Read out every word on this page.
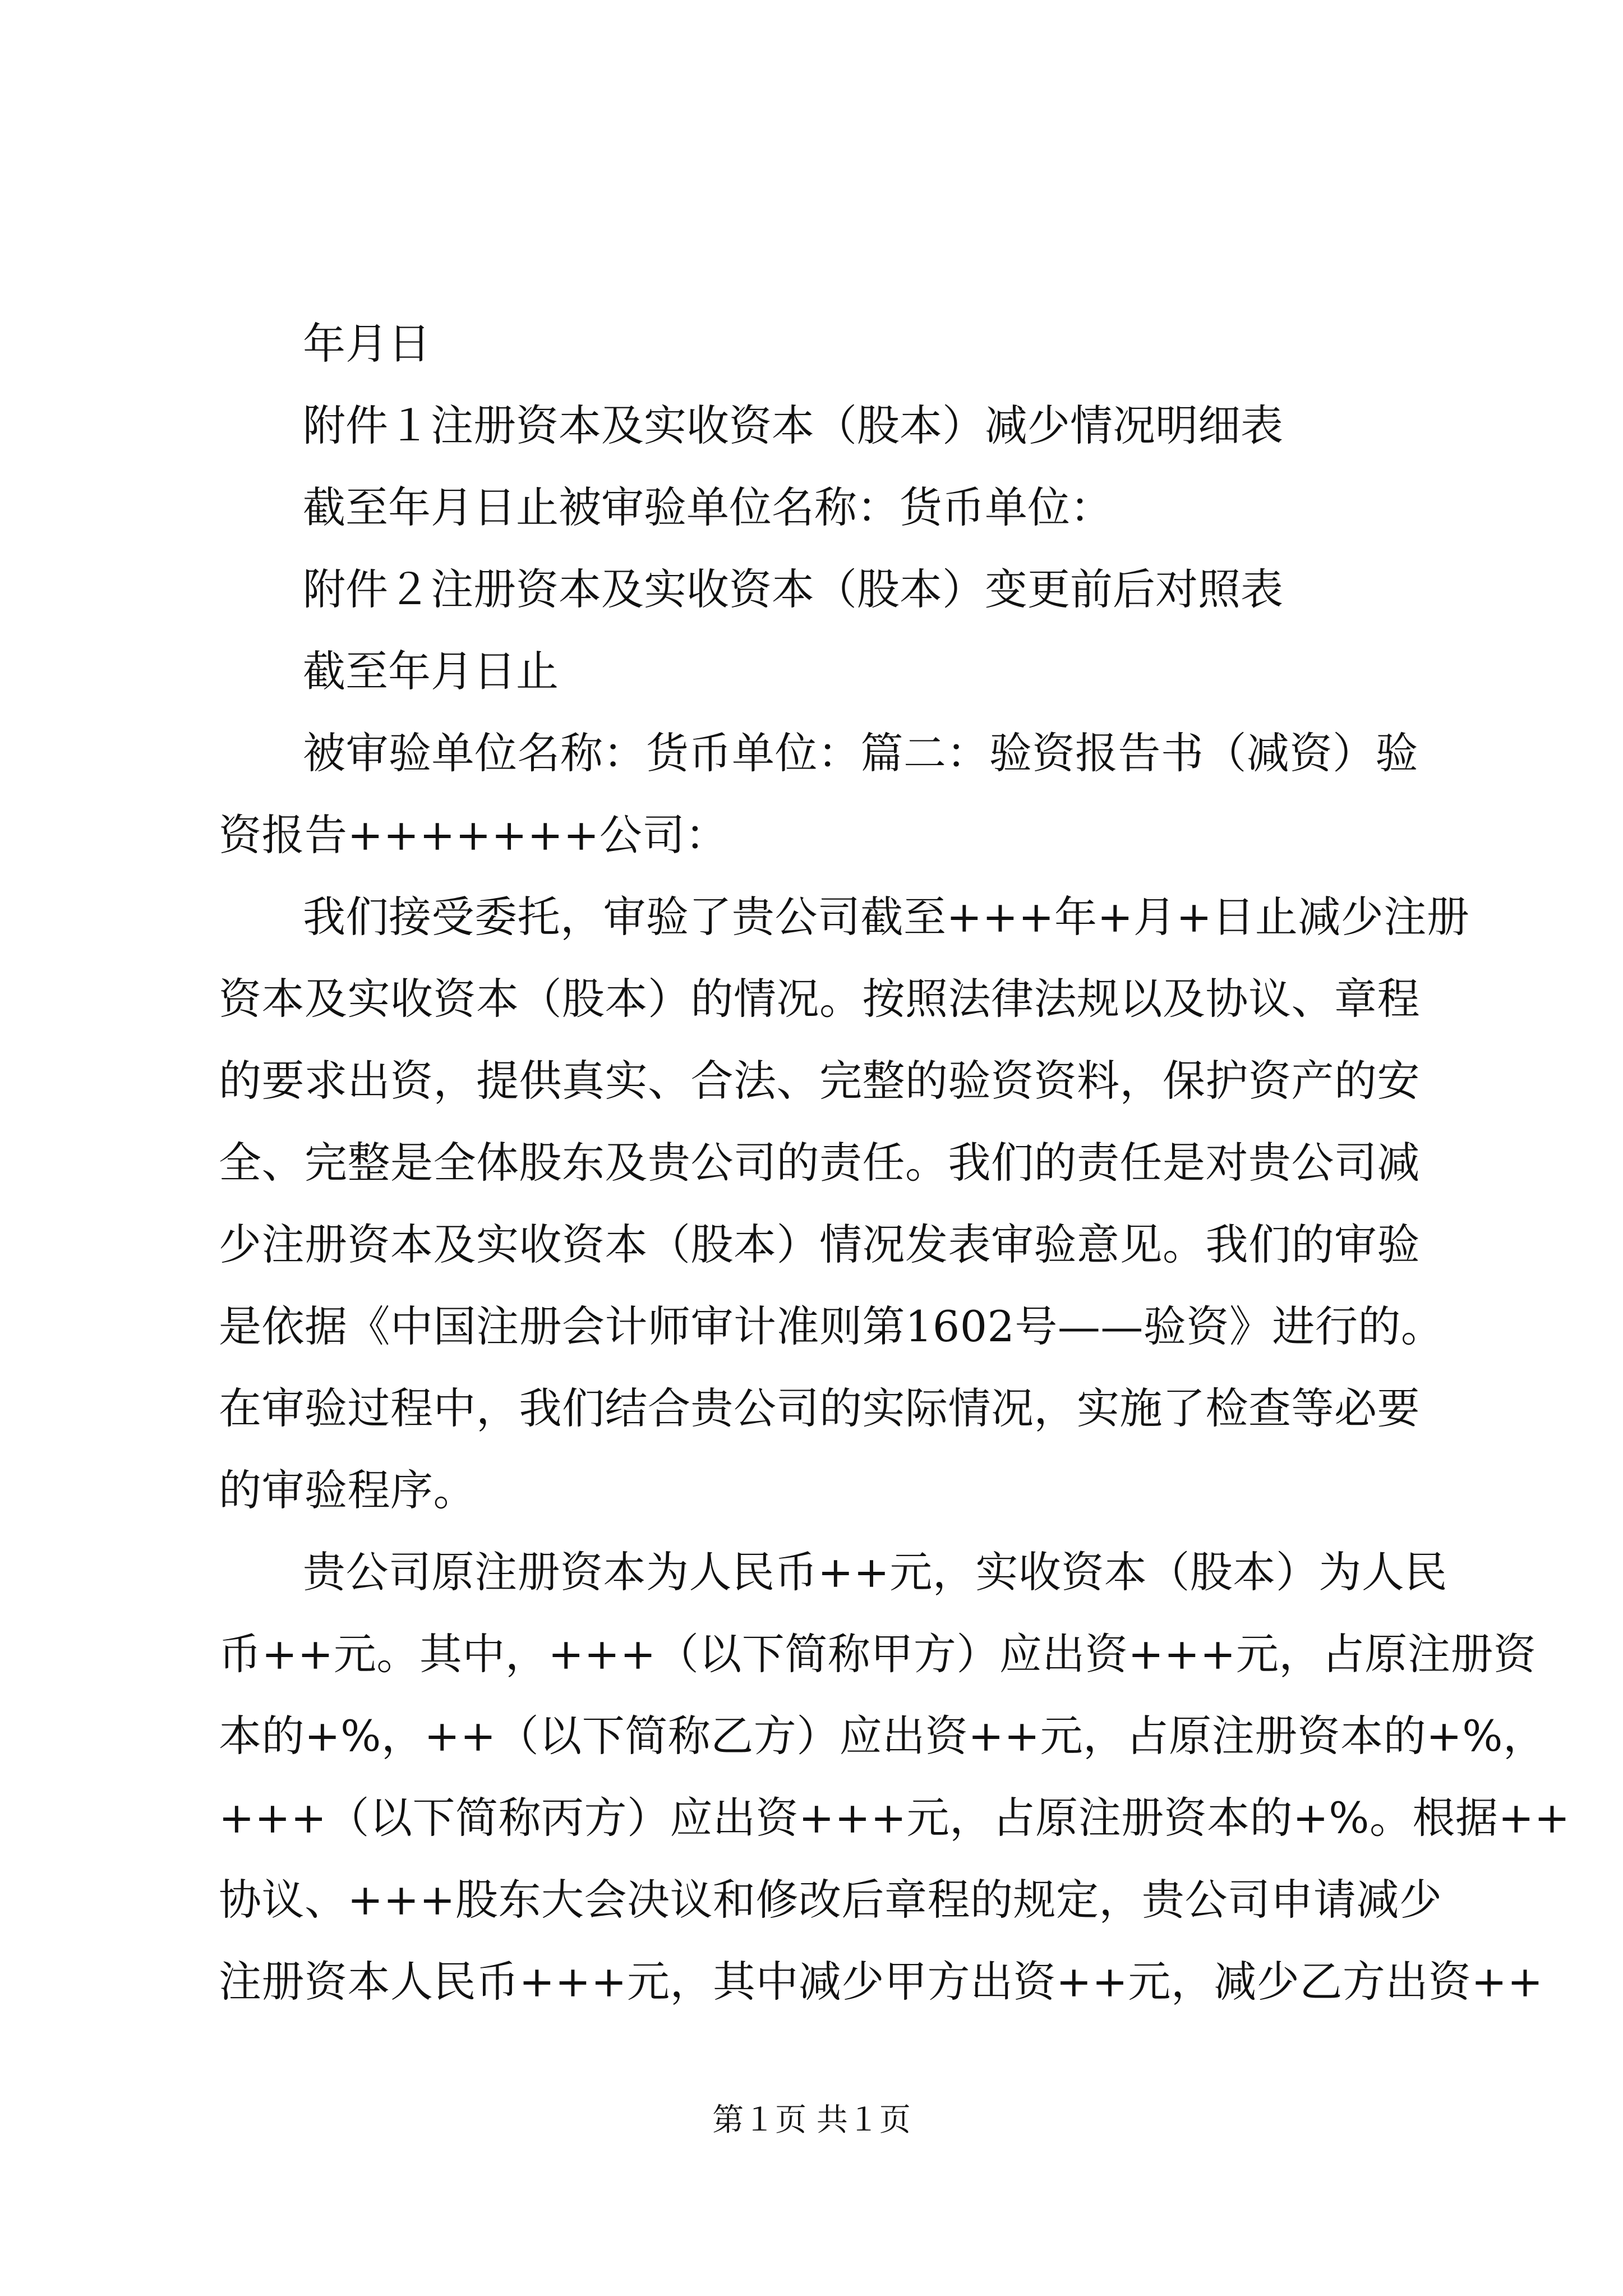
年月日
附件１注册资本及实收资本（股本）减少情况明细表
截至年月日止被审验单位名称：货币单位：
附件２注册资本及实收资本（股本）变更前后对照表
截至年月日止
被审验单位名称：货币单位：篇二：验资报告书（减资）验
资报告+++++++公司：
我们接受委托，审验了贵公司截至+++年+月+日止减少注册
资本及实收资本（股本）的情况。按照法律法规以及协议、章程
的要求出资，提供真实、合法、完整的验资资料，保护资产的安
全、完整是全体股东及贵公司的责任。我们的责任是对贵公司减
少注册资本及实收资本（股本）情况发表审验意见。我们的审验
是依据《中国注册会计师审计准则第1602号——验资》进行的。
在审验过程中，我们结合贵公司的实际情况，实施了检查等必要
的审验程序。
贵公司原注册资本为人民币++元，实收资本（股本）为人民
币++元。其中，+++（以下简称甲方）应出资+++元，占原注册资
本的+%，++（以下简称乙方）应出资++元，占原注册资本的+%，
+++（以下简称丙方）应出资+++元，占原注册资本的+%。根据++
协议、+++股东大会决议和修改后章程的规定，贵公司申请减少
注册资本人民币+++元，其中减少甲方出资++元，减少乙方出资++
第１页 共１页
